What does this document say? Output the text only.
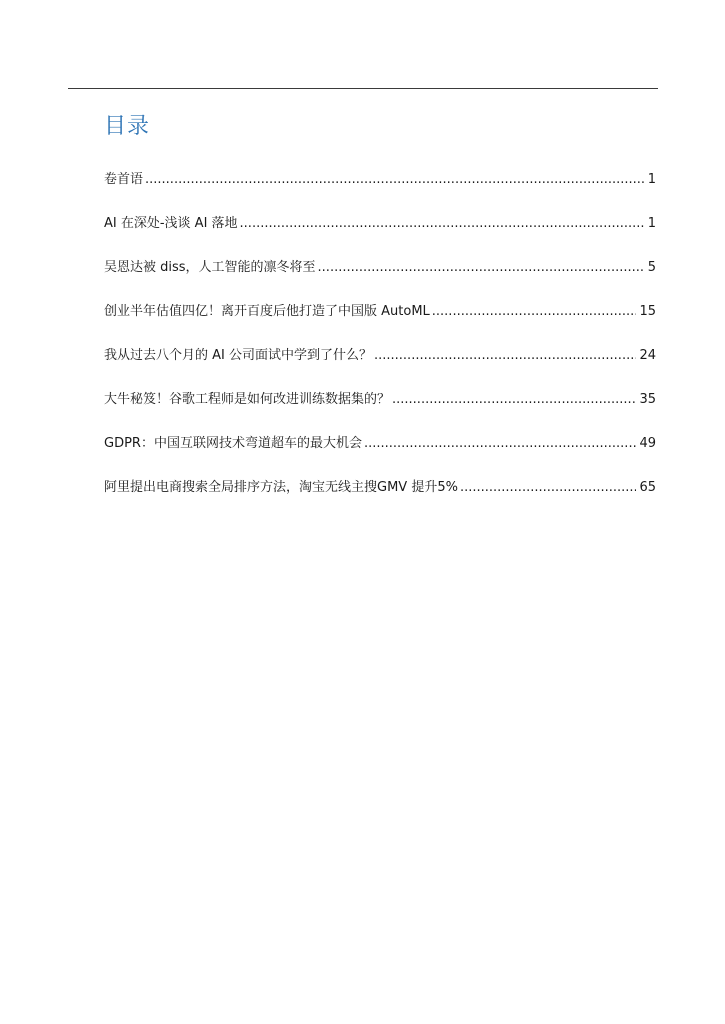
目录
卷首语 .....	1
AI 在深处-浅谈 AI 落地 .....	1
吴恩达被 diss，人工智能的凛冬将至 .....	5
创业半年估值四亿！离开百度后他打造了中国版 AutoML .....	15
我从过去八个月的 AI 公司面试中学到了什么？ .....	24
大牛秘笈！谷歌工程师是如何改进训练数据集的？ .....	35
GDPR：中国互联网技术弯道超车的最大机会 .....	49
阿里提出电商搜索全局排序方法，淘宝无线主搜GMV 提升5% .....	65
